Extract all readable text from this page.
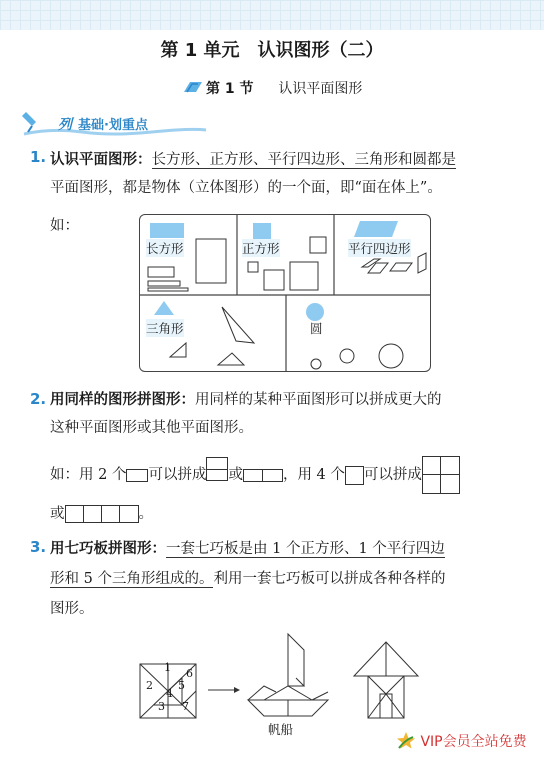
第 1 单元　认识图形（二）
第 1 节 认识平面图形
列 基础·划重点
1. 认识平面图形：长方形、正方形、平行四边形、三角形和圆都是
平面图形，都是物体（立体图形）的一个面，即“面在体上”。
如：
长方形	正方形	平行四边形
三角形	圆
2. 用同样的图形拼图形：用同样的某种平面图形可以拼成更大的
这种平面图形或其他平面图形。
如：用 2 个 可以拼成 或	，用 4 个 可以拼成
或	。
3. 用七巧板拼图形：一套七巧板是由 1 个正方形、1 个平行四边
形和 5 个三角形组成的。利用一套七巧板可以拼成各种各样的
图形。
1
2
3
4
5
6
7
帆船
VIP会员全站免费
